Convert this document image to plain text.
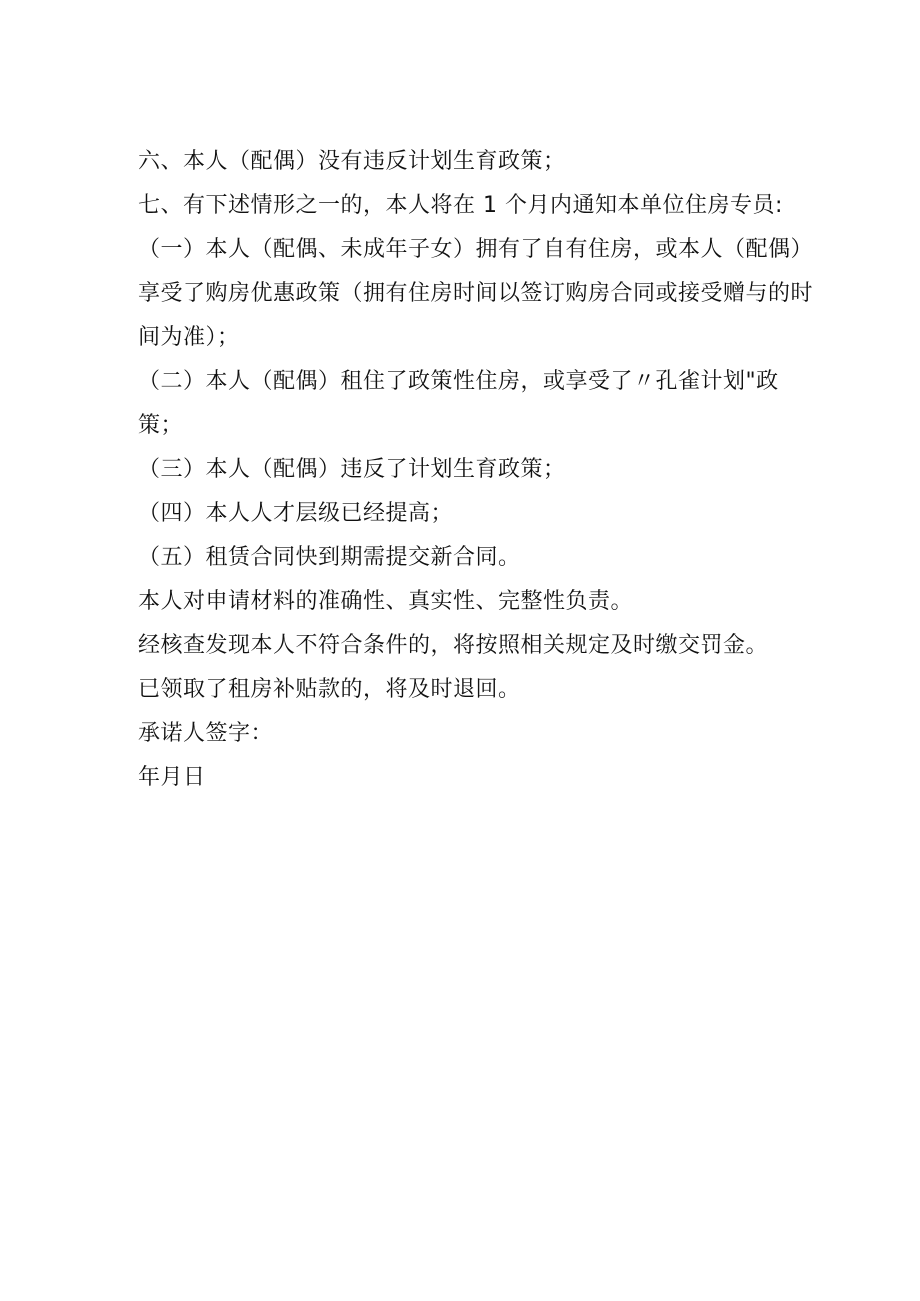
六、本人（配偶）没有违反计划生育政策；
七、有下述情形之一的，本人将在 1 个月内通知本单位住房专员:
（一）本人（配偶、未成年子女）拥有了自有住房，或本人（配偶）享受了购房优惠政策（拥有住房时间以签订购房合同或接受赠与的时间为准）；
（二）本人（配偶）租住了政策性住房，或享受了〃孔雀计划"政策；
（三）本人（配偶）违反了计划生育政策；
（四）本人人才层级已经提高；
（五）租赁合同快到期需提交新合同。
本人对申请材料的准确性、真实性、完整性负责。
经核查发现本人不符合条件的，将按照相关规定及时缴交罚金。
已领取了租房补贴款的，将及时退回。
承诺人签字：
年月日
